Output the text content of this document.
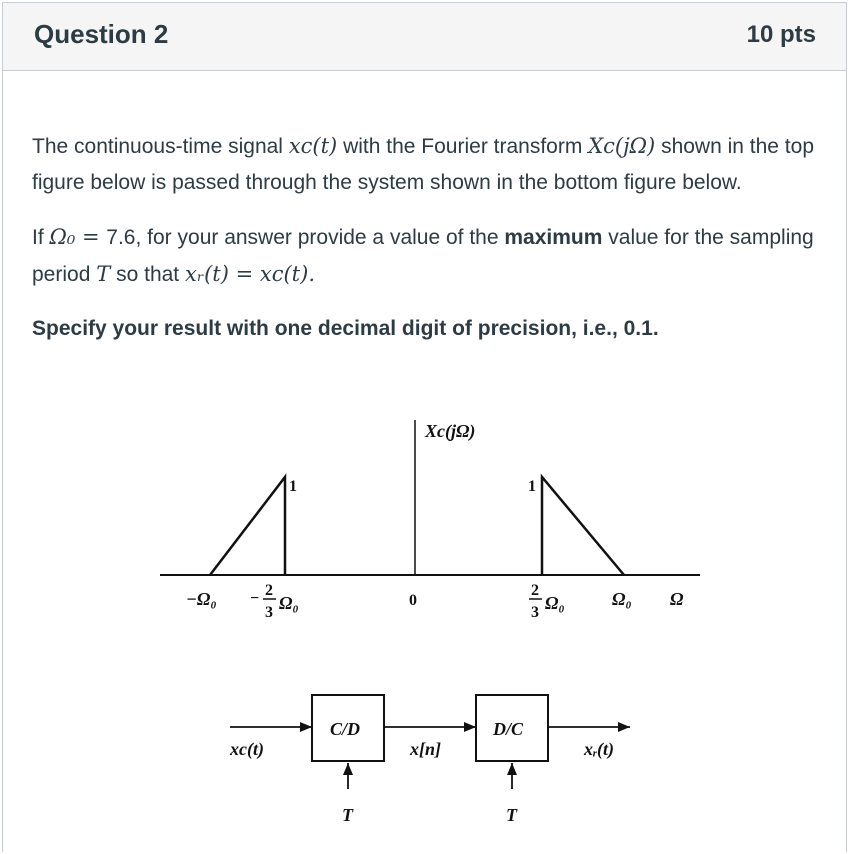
Question 2	10 pts

The continuous-time signal xc(t) with the Fourier transform Xc(jΩ) shown in the top figure below is passed through the system shown in the bottom figure below.

If Ω₀ = 7.6, for your answer provide a value of the maximum value for the sampling period T so that xᵣ(t) = xc(t).

Specify your result with one decimal digit of precision, i.e., 0.1.

Xc(jΩ)
1	1
−Ω₀ − 2
3 Ω₀	0
2
3 Ω₀	Ω₀ Ω
C/D
xc(t)	x[n]
D/C
xᵣ(t)
T	T
